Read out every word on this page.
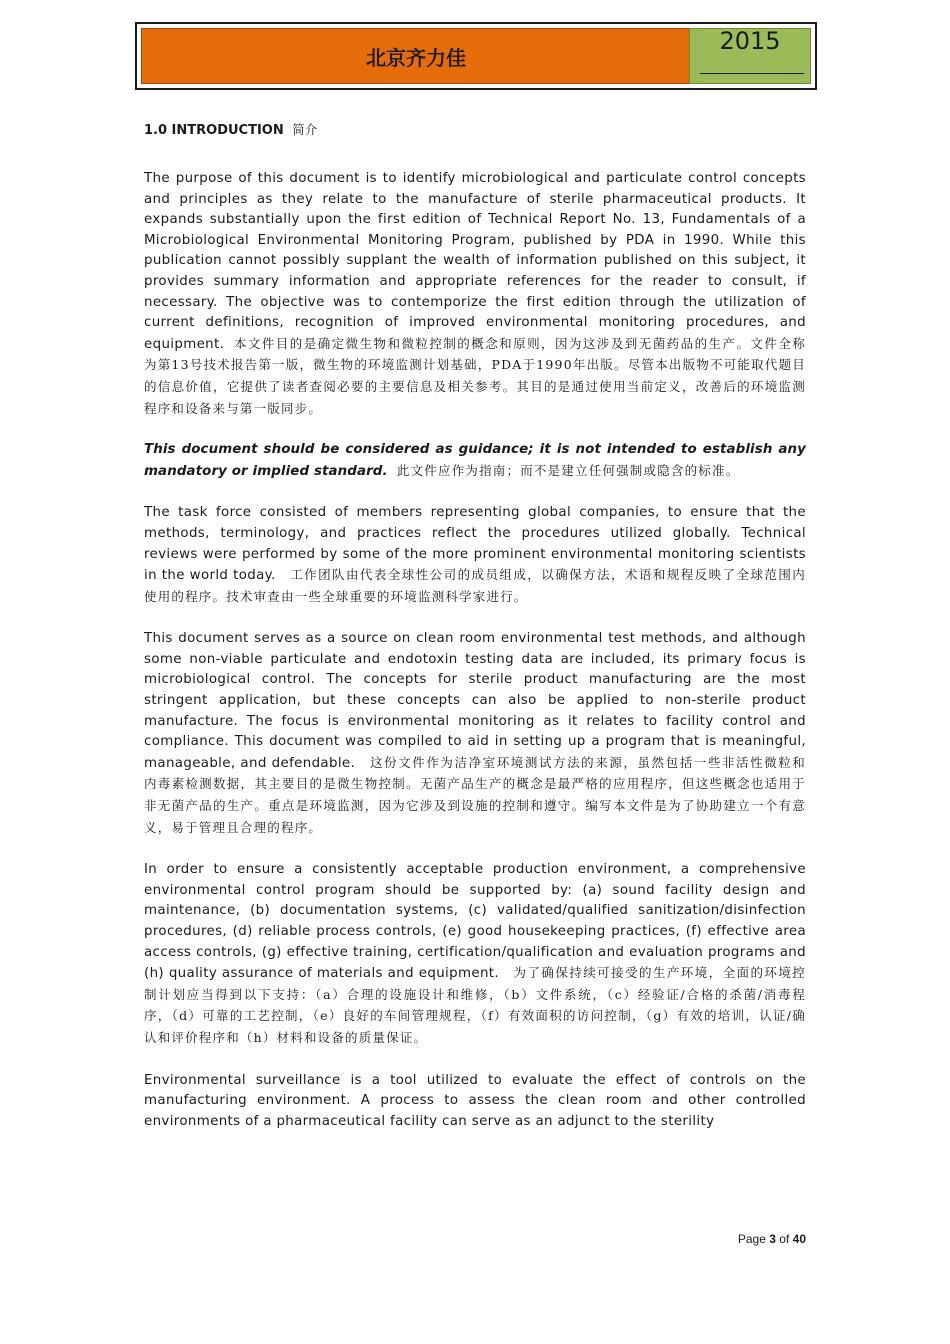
北京齐力佳
2015
1.0 INTRODUCTION 简介

The purpose of this document is to identify microbiological and particulate control concepts and principles as they relate to the manufacture of sterile pharmaceutical products. It expands substantially upon the first edition of Technical Report No. 13, Fundamentals of a Microbiological Environmental Monitoring Program, published by PDA in 1990. While this publication cannot possibly supplant the wealth of information published on this subject, it provides summary information and appropriate references for the reader to consult, if necessary. The objective was to contemporize the first edition through the utilization of current definitions, recognition of improved environmental monitoring procedures, and equipment. 本文件目的是确定微生物和微粒控制的概念和原则，因为这涉及到无菌药品的生产。文件全称为第13号技术报告第一版，微生物的环境监测计划基础，PDA于1990年出版。尽管本出版物不可能取代题目的信息价值，它提供了读者查阅必要的主要信息及相关参考。其目的是通过使用当前定义，改善后的环境监测程序和设备来与第一版同步。

This document should be considered as guidance; it is not intended to establish any mandatory or implied standard. 此文件应作为指南；而不是建立任何强制或隐含的标准。

The task force consisted of members representing global companies, to ensure that the methods, terminology, and practices reflect the procedures utilized globally. Technical reviews were performed by some of the more prominent environmental monitoring scientists in the world today. 工作团队由代表全球性公司的成员组成，以确保方法，术语和规程反映了全球范围内使用的程序。技术审查由一些全球重要的环境监测科学家进行。

This document serves as a source on clean room environmental test methods, and although some non-viable particulate and endotoxin testing data are included, its primary focus is microbiological control. The concepts for sterile product manufacturing are the most stringent application, but these concepts can also be applied to non-sterile product manufacture. The focus is environmental monitoring as it relates to facility control and compliance. This document was compiled to aid in setting up a program that is meaningful, manageable, and defendable. 这份文件作为洁净室环境测试方法的来源，虽然包括一些非活性微粒和内毒素检测数据，其主要目的是微生物控制。无菌产品生产的概念是最严格的应用程序，但这些概念也适用于非无菌产品的生产。重点是环境监测，因为它涉及到设施的控制和遵守。编写本文件是为了协助建立一个有意义，易于管理且合理的程序。

In order to ensure a consistently acceptable production environment, a comprehensive environmental control program should be supported by: (a) sound facility design and maintenance, (b) documentation systems, (c) validated/qualified sanitization/disinfection procedures, (d) reliable process controls, (e) good housekeeping practices, (f) effective area access controls, (g) effective training, certification/qualification and evaluation programs and (h) quality assurance of materials and equipment. 为了确保持续可接受的生产环境，全面的环境控制计划应当得到以下支持：（a）合理的设施设计和维修，（b）文件系统，（c）经验证/合格的杀菌/消毒程序，（d）可靠的工艺控制，（e）良好的车间管理规程，（f）有效面积的访问控制，（g）有效的培训，认证/确认和评价程序和（h）材料和设备的质量保证。

Environmental surveillance is a tool utilized to evaluate the effect of controls on the manufacturing environment. A process to assess the clean room and other controlled environments of a pharmaceutical facility can serve as an adjunct to the sterility

Page 3 of 40
